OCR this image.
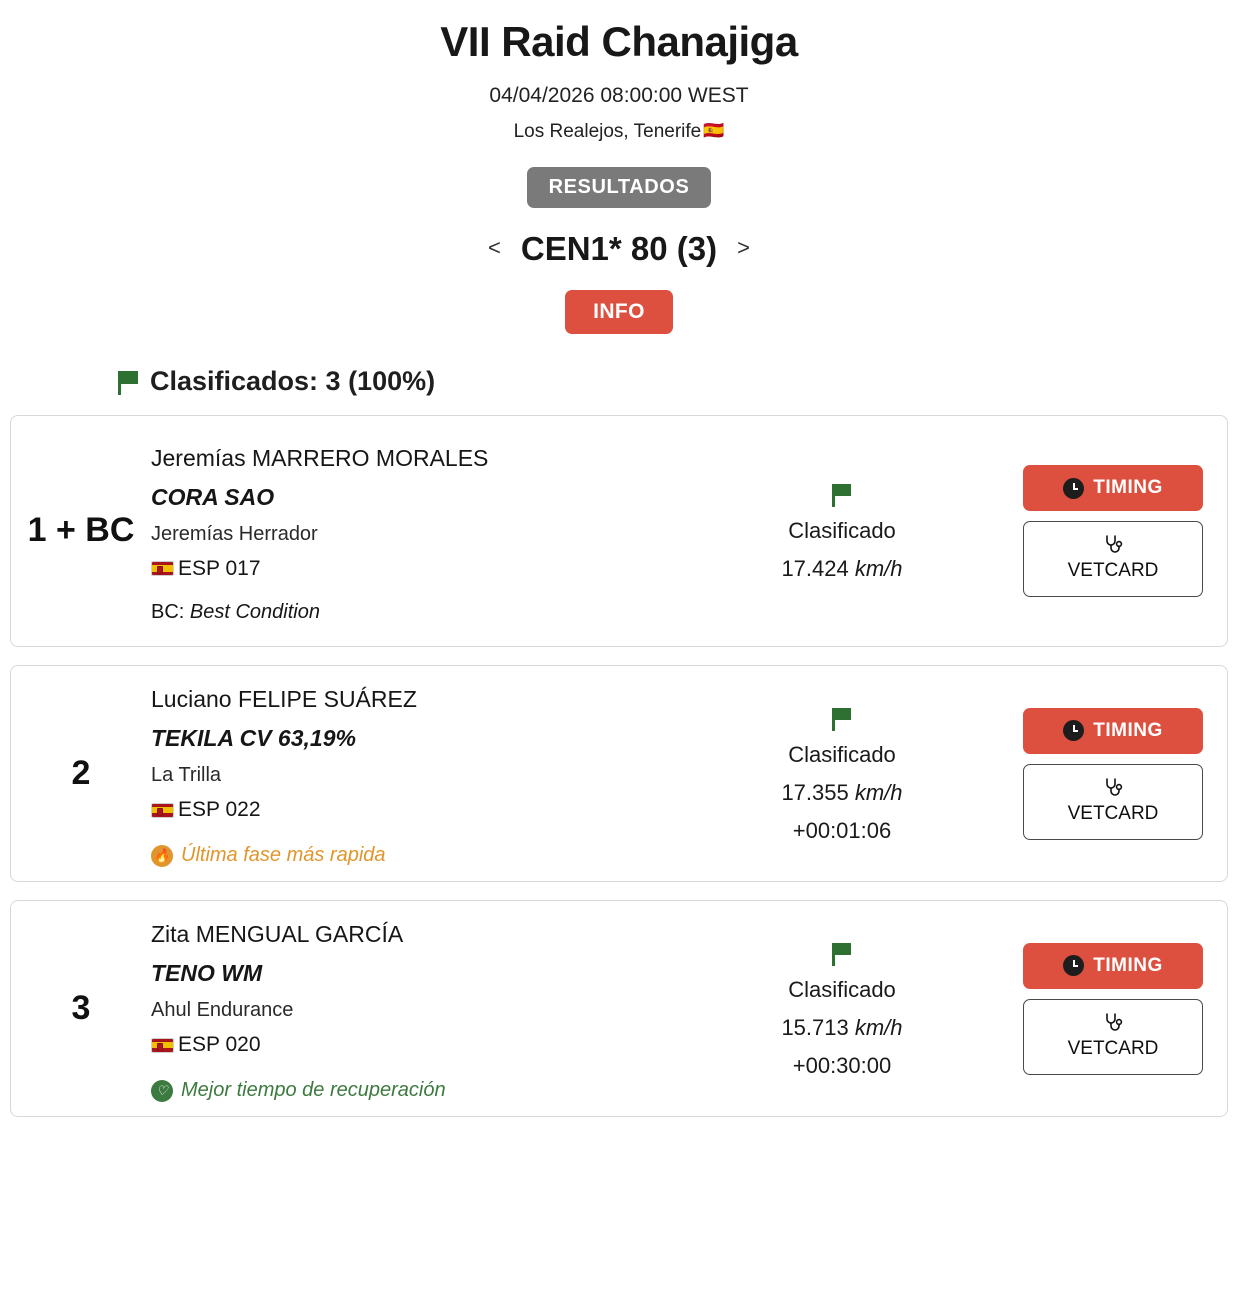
VII Raid Chanajiga
04/04/2026 08:00:00 WEST
Los Realejos, Tenerife 🇪🇸
RESULTADOS
< CEN1* 80 (3) >
INFO
Clasificados: 3 (100%)
1 + BC
Jeremías MARRERO MORALES
CORA SAO
Jeremías Herrador
ESP 017
BC: Best Condition
Clasificado
17.424 km/h
TIMING
VETCARD
2
Luciano FELIPE SUÁREZ
TEKILA CV 63,19%
La Trilla
ESP 022
🔥 Última fase más rapida
Clasificado
17.355 km/h
+00:01:06
TIMING
VETCARD
3
Zita MENGUAL GARCÍA
TENO WM
Ahul Endurance
ESP 020
♡ Mejor tiempo de recuperación
Clasificado
15.713 km/h
+00:30:00
TIMING
VETCARD
